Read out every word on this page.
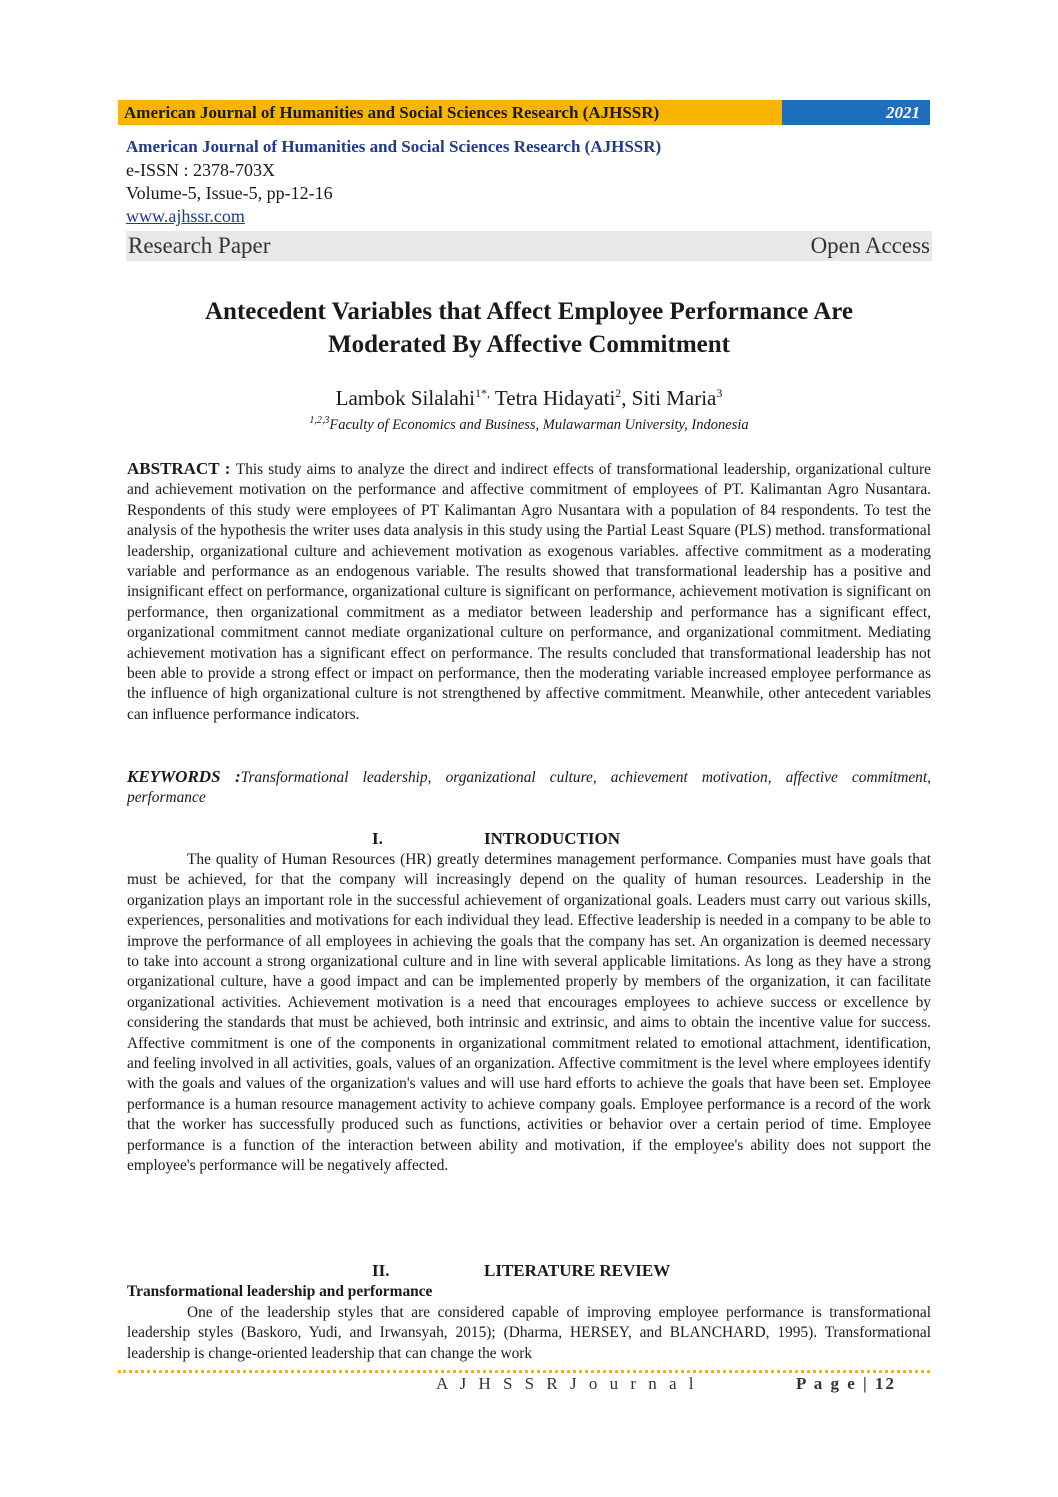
American Journal of Humanities and Social Sciences Research (AJHSSR)	2021
American Journal of Humanities and Social Sciences Research (AJHSSR)
e-ISSN : 2378-703X
Volume-5, Issue-5, pp-12-16
www.ajhssr.com
Research Paper	Open Access
Antecedent Variables that Affect Employee Performance Are
Moderated By Affective Commitment
Lambok Silalahi$^{1*,}$ Tetra Hidayati$^2$, Siti Maria$^3$
$^{1,2,3}$Faculty of Economics and Business, Mulawarman University, Indonesia
ABSTRACT : This study aims to analyze the direct and indirect effects of transformational leadership, organizational culture and achievement motivation on the performance and affective commitment of employees of PT. Kalimantan Agro Nusantara. Respondents of this study were employees of PT Kalimantan Agro Nusantara with a population of 84 respondents. To test the analysis of the hypothesis the writer uses data analysis in this study using the Partial Least Square (PLS) method. transformational leadership, organizational culture and achievement motivation as exogenous variables. affective commitment as a moderating variable and performance as an endogenous variable. The results showed that transformational leadership has a positive and insignificant effect on performance, organizational culture is significant on performance, achievement motivation is significant on performance, then organizational commitment as a mediator between leadership and performance has a significant effect, organizational commitment cannot mediate organizational culture on performance, and organizational commitment. Mediating achievement motivation has a significant effect on performance. The results concluded that transformational leadership has not been able to provide a strong effect or impact on performance, then the moderating variable increased employee performance as the influence of high organizational culture is not strengthened by affective commitment. Meanwhile, other antecedent variables can influence performance indicators.
KEYWORDS :Transformational leadership, organizational culture, achievement motivation, affective commitment, performance
I.	INTRODUCTION
The quality of Human Resources (HR) greatly determines management performance. Companies must have goals that must be achieved, for that the company will increasingly depend on the quality of human resources. Leadership in the organization plays an important role in the successful achievement of organizational goals. Leaders must carry out various skills, experiences, personalities and motivations for each individual they lead. Effective leadership is needed in a company to be able to improve the performance of all employees in achieving the goals that the company has set. An organization is deemed necessary to take into account a strong organizational culture and in line with several applicable limitations. As long as they have a strong organizational culture, have a good impact and can be implemented properly by members of the organization, it can facilitate organizational activities. Achievement motivation is a need that encourages employees to achieve success or excellence by considering the standards that must be achieved, both intrinsic and extrinsic, and aims to obtain the incentive value for success. Affective commitment is one of the components in organizational commitment related to emotional attachment, identification, and feeling involved in all activities, goals, values of an organization. Affective commitment is the level where employees identify with the goals and values of the organization's values and will use hard efforts to achieve the goals that have been set. Employee performance is a human resource management activity to achieve company goals. Employee performance is a record of the work that the worker has successfully produced such as functions, activities or behavior over a certain period of time. Employee performance is a function of the interaction between ability and motivation, if the employee's ability does not support the employee's performance will be negatively affected.
II.	LITERATURE REVIEW
Transformational leadership and performance
One of the leadership styles that are considered capable of improving employee performance is transformational leadership styles (Baskoro, Yudi, and Irwansyah, 2015); (Dharma, HERSEY, and BLANCHARD, 1995). Transformational leadership is change-oriented leadership that can change the work
A J H S S R J o u r n a l	P a g e | 12
